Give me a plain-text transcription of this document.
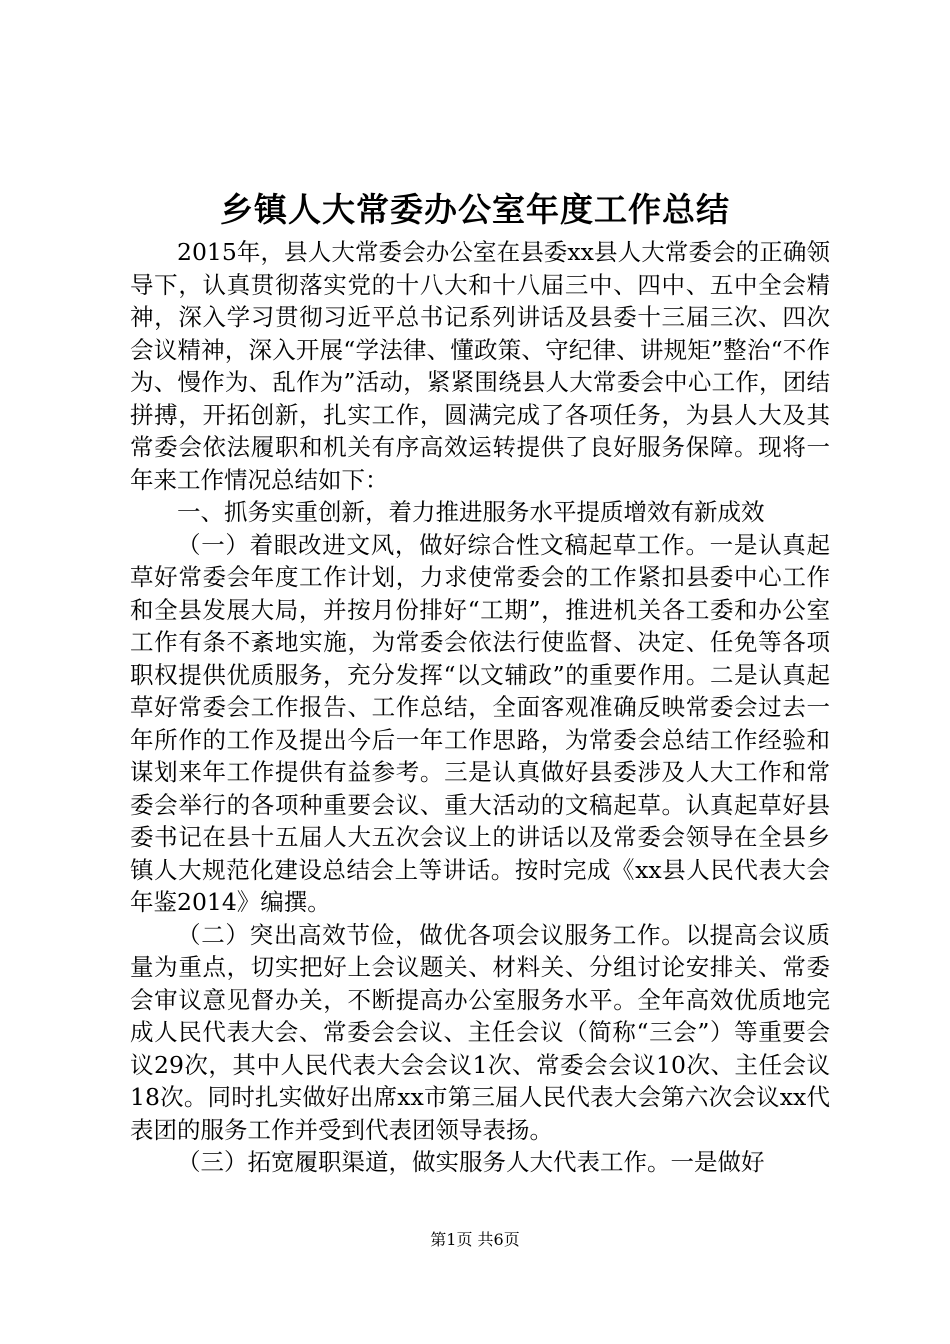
乡镇人大常委办公室年度工作总结

2015年，县人大常委会办公室在县委xx县人大常委会的正确领导下，认真贯彻落实党的十八大和十八届三中、四中、五中全会精神，深入学习贯彻习近平总书记系列讲话及县委十三届三次、四次会议精神，深入开展“学法律、懂政策、守纪律、讲规矩”整治“不作为、慢作为、乱作为”活动，紧紧围绕县人大常委会中心工作，团结拼搏，开拓创新，扎实工作，圆满完成了各项任务，为县人大及其常委会依法履职和机关有序高效运转提供了良好服务保障。现将一年来工作情况总结如下：

一、抓务实重创新，着力推进服务水平提质增效有新成效

（一）着眼改进文风，做好综合性文稿起草工作。一是认真起草好常委会年度工作计划，力求使常委会的工作紧扣县委中心工作和全县发展大局，并按月份排好“工期”，推进机关各工委和办公室工作有条不紊地实施，为常委会依法行使监督、决定、任免等各项职权提供优质服务，充分发挥“以文辅政”的重要作用。二是认真起草好常委会工作报告、工作总结，全面客观准确反映常委会过去一年所作的工作及提出今后一年工作思路，为常委会总结工作经验和谋划来年工作提供有益参考。三是认真做好县委涉及人大工作和常委会举行的各项种重要会议、重大活动的文稿起草。认真起草好县委书记在县十五届人大五次会议上的讲话以及常委会领导在全县乡镇人大规范化建设总结会上等讲话。按时完成《xx县人民代表大会年鉴2014》编撰。

（二）突出高效节俭，做优各项会议服务工作。以提高会议质量为重点，切实把好上会议题关、材料关、分组讨论安排关、常委会审议意见督办关，不断提高办公室服务水平。全年高效优质地完成人民代表大会、常委会会议、主任会议（简称“三会”）等重要会议29次，其中人民代表大会会议1次、常委会会议10次、主任会议18次。同时扎实做好出席xx市第三届人民代表大会第六次会议xx代表团的服务工作并受到代表团领导表扬。

（三）拓宽履职渠道，做实服务人大代表工作。一是做好

第1页 共6页
